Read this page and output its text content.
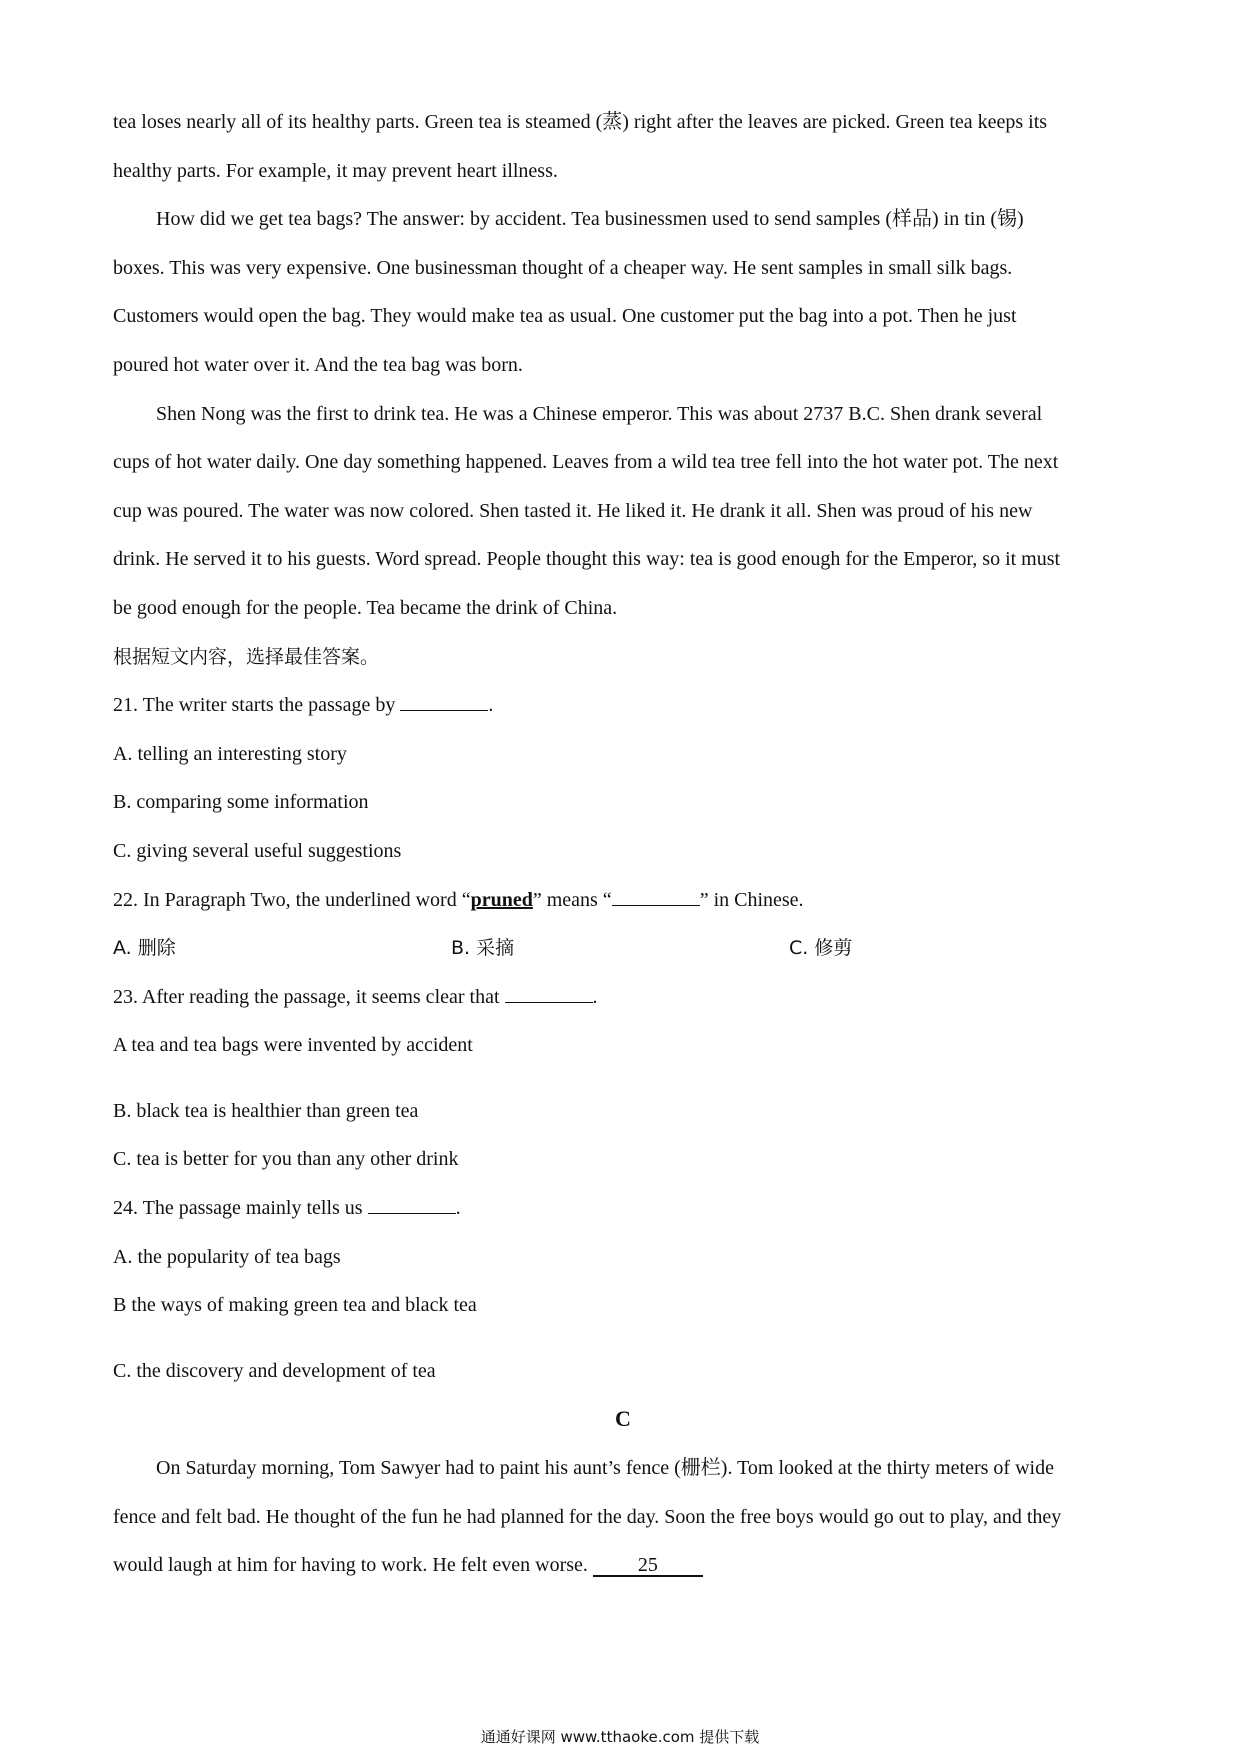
tea loses nearly all of its healthy parts. Green tea is steamed (蒸) right after the leaves are picked. Green tea keeps its
healthy parts. For example, it may prevent heart illness.
How did we get tea bags? The answer: by accident. Tea businessmen used to send samples (样品) in tin (锡)
boxes. This was very expensive. One businessman thought of a cheaper way. He sent samples in small silk bags.
Customers would open the bag. They would make tea as usual. One customer put the bag into a pot. Then he just
poured hot water over it. And the tea bag was born.
Shen Nong was the first to drink tea. He was a Chinese emperor. This was about 2737 B.C. Shen drank several
cups of hot water daily. One day something happened. Leaves from a wild tea tree fell into the hot water pot. The next
cup was poured. The water was now colored. Shen tasted it. He liked it. He drank it all. Shen was proud of his new
drink. He served it to his guests. Word spread. People thought this way: tea is good enough for the Emperor, so it must
be good enough for the people. Tea became the drink of China.
根据短文内容，选择最佳答案。
21. The writer starts the passage by	.
A. telling an interesting story
B. comparing some information
C. giving several useful suggestions
22. In Paragraph Two, the underlined word “pruned” means “	” in Chinese.
A. 删除	B. 采摘	C. 修剪
23. After reading the passage, it seems clear that	.
A tea and tea bags were invented by accident
B. black tea is healthier than green tea
C. tea is better for you than any other drink
24. The passage mainly tells us	.
A. the popularity of tea bags
B the ways of making green tea and black tea
C. the discovery and development of tea
C
On Saturday morning, Tom Sawyer had to paint his aunt’s fence (栅栏). Tom looked at the thirty meters of wide
fence and felt bad. He thought of the fun he had planned for the day. Soon the free boys would go out to play, and they
would laugh at him for having to work. He felt even worse. 25
通通好课网 www.tthaoke.com 提供下载
